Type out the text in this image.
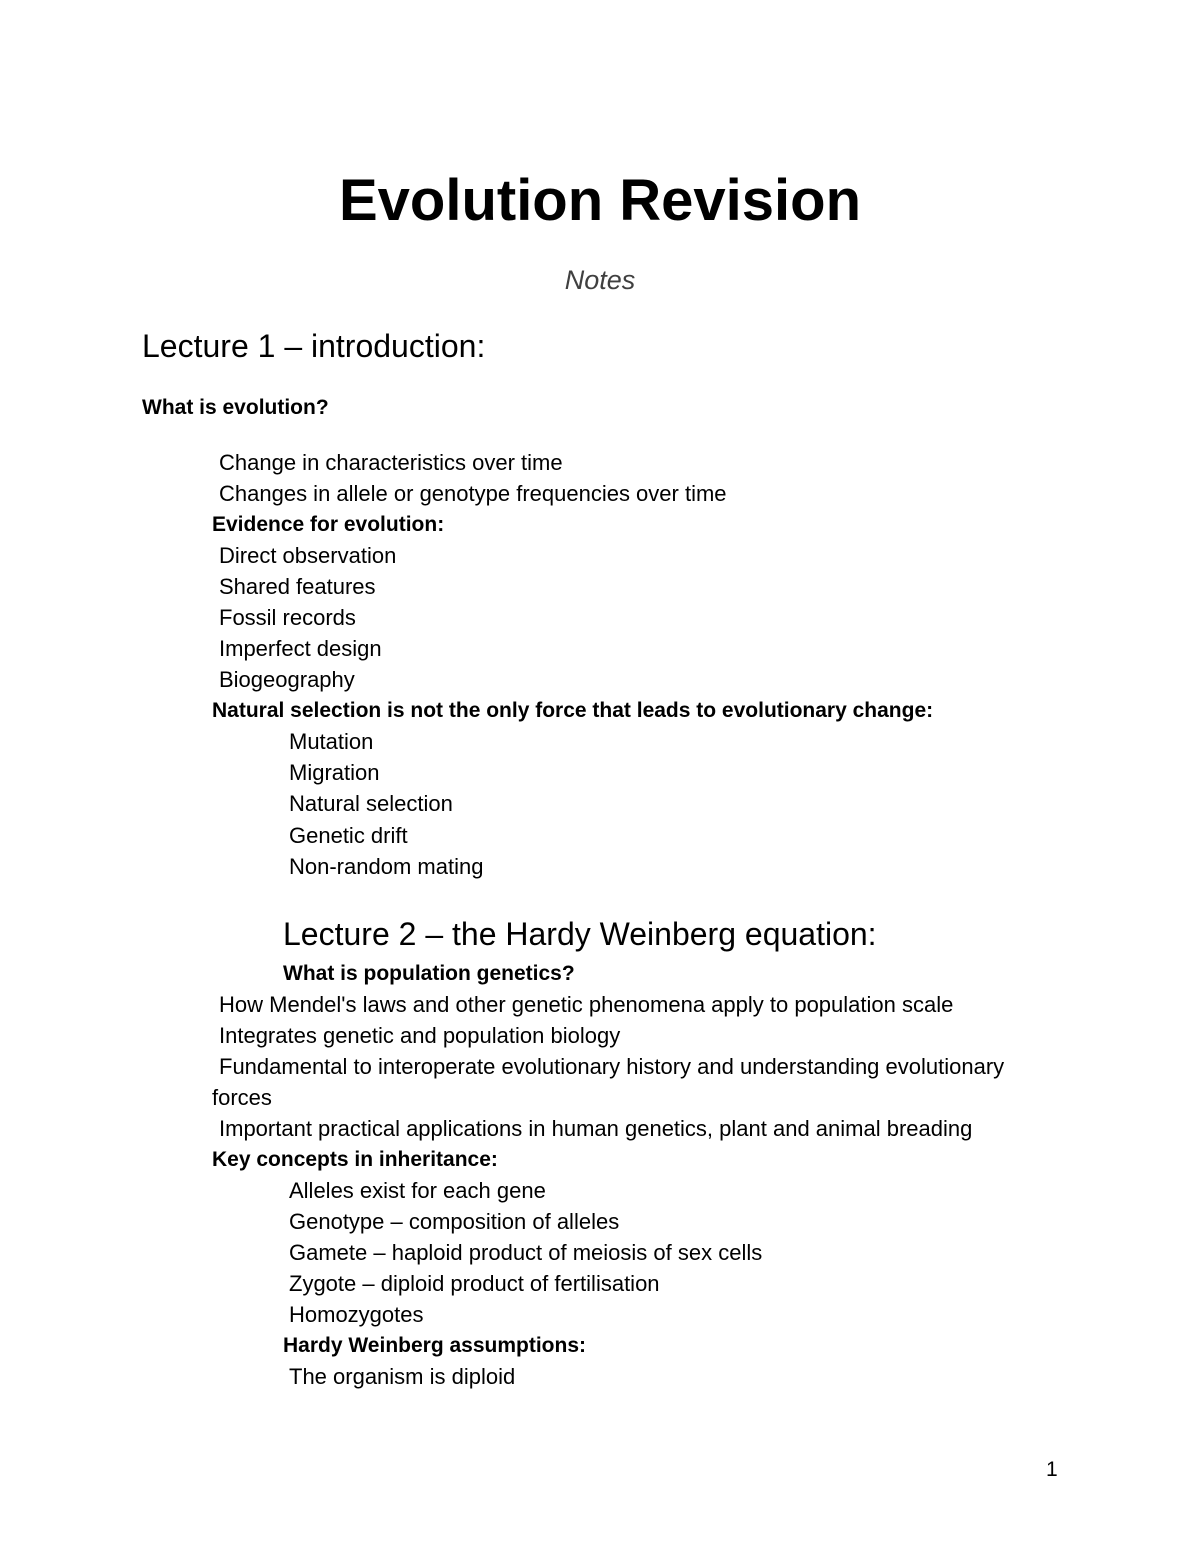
Evolution Revision
Notes
Lecture 1 – introduction:
What is evolution?
Change in characteristics over time
Changes in allele or genotype frequencies over time
Evidence for evolution:
Direct observation
Shared features
Fossil records
Imperfect design
Biogeography
Natural selection is not the only force that leads to evolutionary change:
Mutation
Migration
Natural selection
Genetic drift
Non-random mating
Lecture 2 – the Hardy Weinberg equation:
What is population genetics?
How Mendel's laws and other genetic phenomena apply to population scale
Integrates genetic and population biology
Fundamental to interoperate evolutionary history and understanding evolutionary
forces
Important practical applications in human genetics, plant and animal breading
Key concepts in inheritance:
Alleles exist for each gene
Genotype – composition of alleles
Gamete – haploid product of meiosis of sex cells
Zygote – diploid product of fertilisation
Homozygotes
Hardy Weinberg assumptions:
The organism is diploid
1
